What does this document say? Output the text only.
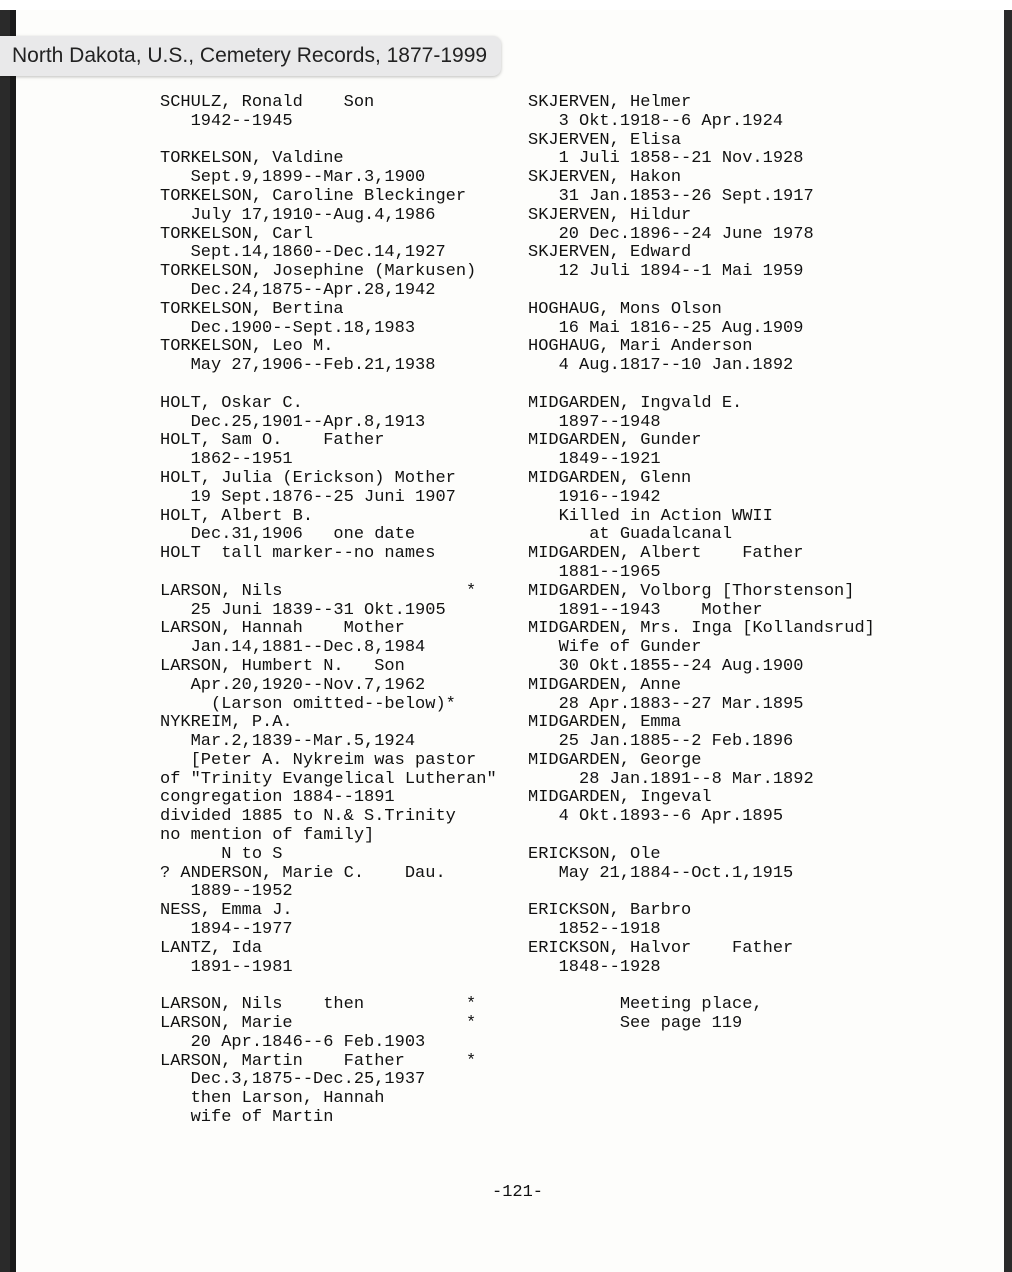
SCHULZ, Ronald    Son
1942--1945
TORKELSON, Valdine
Sept.9,1899--Mar.3,1900
TORKELSON, Caroline Bleckinger
July 17,1910--Aug.4,1986
TORKELSON, Carl
Sept.14,1860--Dec.14,1927
TORKELSON, Josephine (Markusen)
Dec.24,1875--Apr.28,1942
TORKELSON, Bertina
Dec.1900--Sept.18,1983
TORKELSON, Leo M.
May 27,1906--Feb.21,1938
HOLT, Oskar C.
Dec.25,1901--Apr.8,1913
HOLT, Sam O.    Father
1862--1951
HOLT, Julia (Erickson) Mother
19 Sept.1876--25 Juni 1907
HOLT, Albert B.
Dec.31,1906   one date
HOLT  tall marker--no names
LARSON, Nils                  *
25 Juni 1839--31 Okt.1905
LARSON, Hannah    Mother
Jan.14,1881--Dec.8,1984
LARSON, Humbert N.   Son
Apr.20,1920--Nov.7,1962
(Larson omitted--below)*
NYKREIM, P.A.
Mar.2,1839--Mar.5,1924
[Peter A. Nykreim was pastor
of "Trinity Evangelical Lutheran"
congregation 1884--1891
divided 1885 to N.& S.Trinity
no mention of family]
N to S
? ANDERSON, Marie C.    Dau.
1889--1952
NESS, Emma J.
1894--1977
LANTZ, Ida
1891--1981
LARSON, Nils    then          *
LARSON, Marie                 *
20 Apr.1846--6 Feb.1903
LARSON, Martin    Father      *
Dec.3,1875--Dec.25,1937
then Larson, Hannah
wife of Martin
SKJERVEN, Helmer
3 Okt.1918--6 Apr.1924
SKJERVEN, Elisa
1 Juli 1858--21 Nov.1928
SKJERVEN, Hakon
31 Jan.1853--26 Sept.1917
SKJERVEN, Hildur
20 Dec.1896--24 June 1978
SKJERVEN, Edward
12 Juli 1894--1 Mai 1959
HOGHAUG, Mons Olson
16 Mai 1816--25 Aug.1909
HOGHAUG, Mari Anderson
4 Aug.1817--10 Jan.1892
MIDGARDEN, Ingvald E.
1897--1948
MIDGARDEN, Gunder
1849--1921
MIDGARDEN, Glenn
1916--1942
Killed in Action WWII
at Guadalcanal
MIDGARDEN, Albert    Father
1881--1965
MIDGARDEN, Volborg [Thorstenson]
1891--1943    Mother
MIDGARDEN, Mrs. Inga [Kollandsrud]
Wife of Gunder
30 Okt.1855--24 Aug.1900
MIDGARDEN, Anne
28 Apr.1883--27 Mar.1895
MIDGARDEN, Emma
25 Jan.1885--2 Feb.1896
MIDGARDEN, George
28 Jan.1891--8 Mar.1892
MIDGARDEN, Ingeval
4 Okt.1893--6 Apr.1895
ERICKSON, Ole
May 21,1884--Oct.1,1915
ERICKSON, Barbro
1852--1918
ERICKSON, Halvor    Father
1848--1928
Meeting place,
See page 119
-121-
North Dakota, U.S., Cemetery Records, 1877-1999
